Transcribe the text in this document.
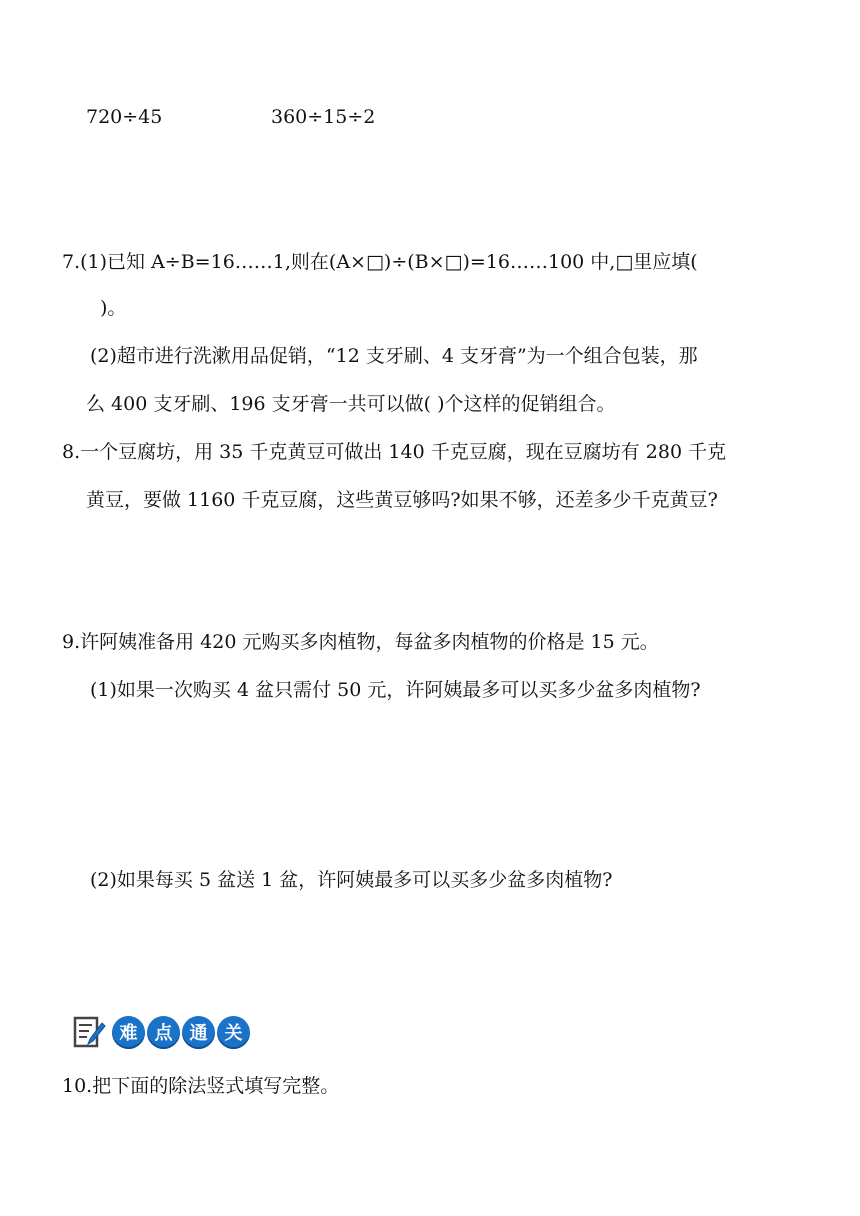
720÷45	360÷15÷2
7.(1)已知 A÷B=16……1,则在(A×□)÷(B×□)=16……100 中,□里应填(
)。
(2)超市进行洗漱用品促销，“12 支牙刷、4 支牙膏”为一个组合包装，那
么 400 支牙刷、196 支牙膏一共可以做( )个这样的促销组合。
8.一个豆腐坊，用 35 千克黄豆可做出 140 千克豆腐，现在豆腐坊有 280 千克
黄豆，要做 1160 千克豆腐，这些黄豆够吗?如果不够，还差多少千克黄豆?
9.许阿姨准备用 420 元购买多肉植物，每盆多肉植物的价格是 15 元。
(1)如果一次购买 4 盆只需付 50 元，许阿姨最多可以买多少盆多肉植物?
(2)如果每买 5 盆送 1 盆，许阿姨最多可以买多少盆多肉植物?
难 点 通 关
10.把下面的除法竖式填写完整。
